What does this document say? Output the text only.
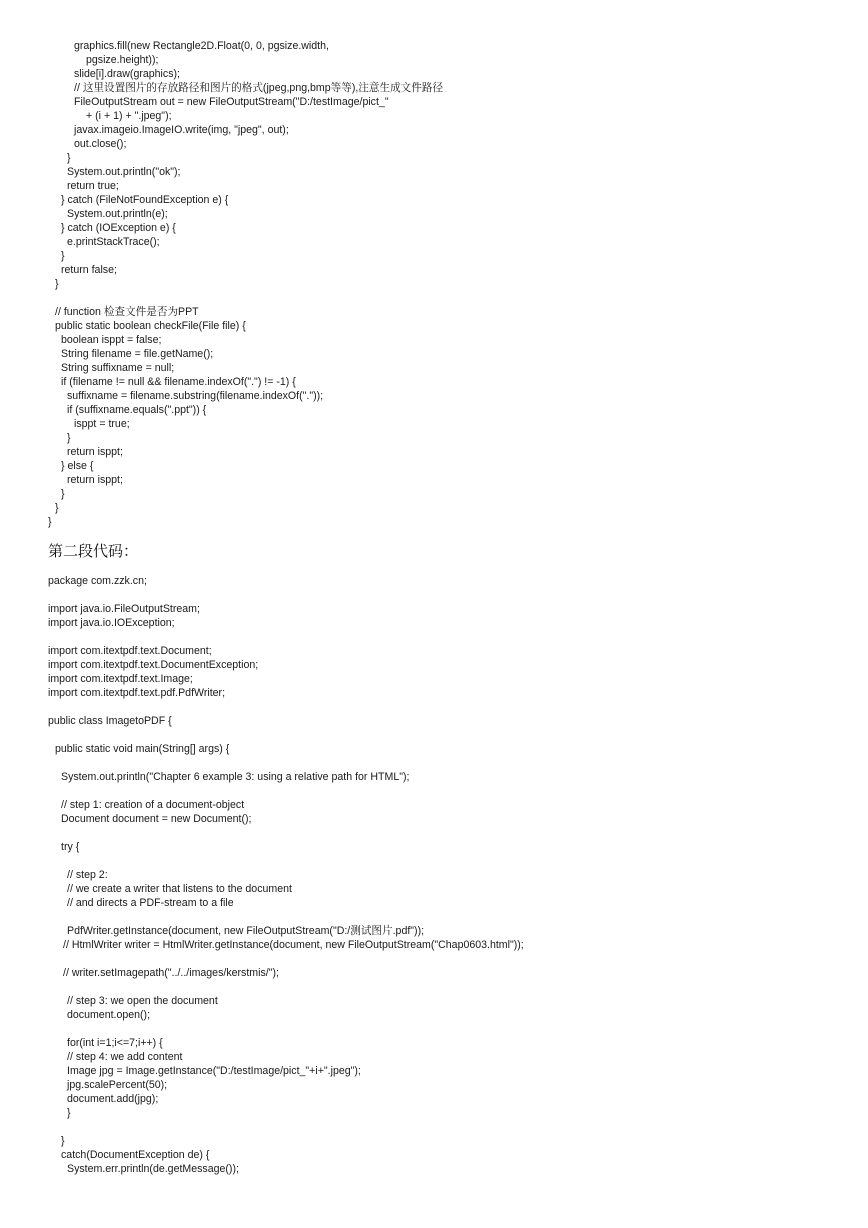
graphics.fill(new Rectangle2D.Float(0, 0, pgsize.width,
pgsize.height));
slide[i].draw(graphics);
// 这里设置图片的存放路径和图片的格式(jpeg,png,bmp等等),注意生成文件路径
FileOutputStream out = new FileOutputStream("D:/testImage/pict_"
+ (i + 1) + ".jpeg");
javax.imageio.ImageIO.write(img, "jpeg", out);
out.close();
}
System.out.println("ok");
return true;
} catch (FileNotFoundException e) {
System.out.println(e);
} catch (IOException e) {
e.printStackTrace();
}
return false;
}
// function 检查文件是否为PPT
public static boolean checkFile(File file) {
boolean isppt = false;
String filename = file.getName();
String suffixname = null;
if (filename != null && filename.indexOf(".") != -1) {
suffixname = filename.substring(filename.indexOf("."));
if (suffixname.equals(".ppt")) {
isppt = true;
}
return isppt;
} else {
return isppt;
}
}
}
第二段代码：
package com.zzk.cn;
import java.io.FileOutputStream;
import java.io.IOException;
import com.itextpdf.text.Document;
import com.itextpdf.text.DocumentException;
import com.itextpdf.text.Image;
import com.itextpdf.text.pdf.PdfWriter;
public class ImagetoPDF {
public static void main(String[] args) {
System.out.println("Chapter 6 example 3: using a relative path for HTML");
// step 1: creation of a document-object
Document document = new Document();
try {
// step 2:
// we create a writer that listens to the document
// and directs a PDF-stream to a file
PdfWriter.getInstance(document, new FileOutputStream("D:/测试图片.pdf"));
// HtmlWriter writer = HtmlWriter.getInstance(document, new FileOutputStream("Chap0603.html"));
// writer.setImagepath("../../images/kerstmis/");
// step 3: we open the document
document.open();
for(int i=1;i<=7;i++) {
// step 4: we add content
Image jpg = Image.getInstance("D:/testImage/pict_"+i+".jpeg");
jpg.scalePercent(50);
document.add(jpg);
}
}
catch(DocumentException de) {
System.err.println(de.getMessage());
